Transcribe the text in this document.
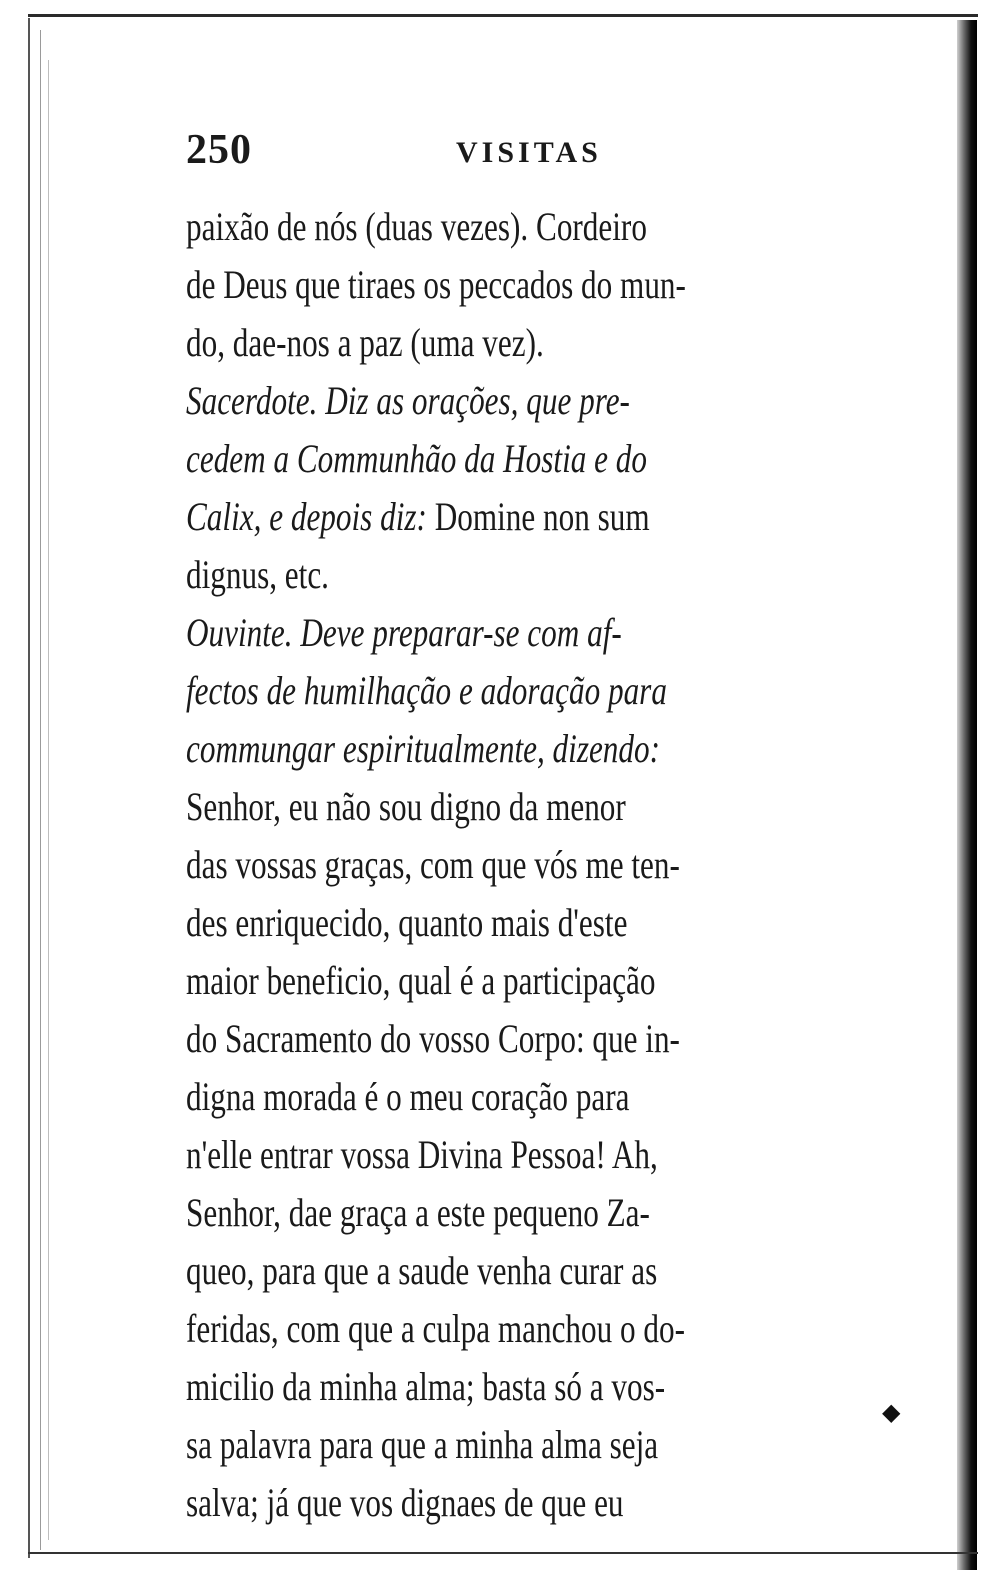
250	VISITAS
paixão de nós (duas vezes). Cordeiro
de Deus que tiraes os peccados do mun-
do, dae-nos a paz (uma vez).
Sacerdote. Diz as orações, que pre-
cedem a Communhão da Hostia e do
Calix, e depois diz: Domine non sum
dignus, etc.
Ouvinte. Deve preparar-se com af-
fectos de humilhação e adoração para
commungar espiritualmente, dizendo:
Senhor, eu não sou digno da menor
das vossas graças, com que vós me ten-
des enriquecido, quanto mais d'este
maior beneficio, qual é a participação
do Sacramento do vosso Corpo: que in-
digna morada é o meu coração para
n'elle entrar vossa Divina Pessoa! Ah,
Senhor, dae graça a este pequeno Za-
queo, para que a saude venha curar as
feridas, com que a culpa manchou o do-
micilio da minha alma; basta só a vos-
sa palavra para que a minha alma seja
salva; já que vos dignaes de que eu
◆
